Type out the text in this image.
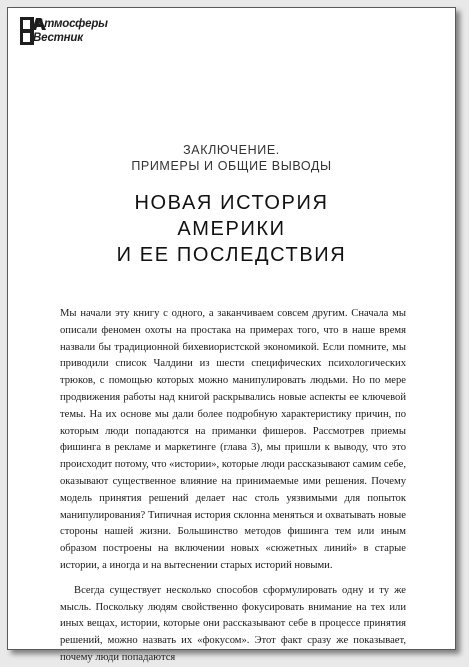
Атмосферы
Вестник

ЗАКЛЮЧЕНИЕ.
ПРИМЕРЫ И ОБЩИЕ ВЫВОДЫ

НОВАЯ ИСТОРИЯ
АМЕРИКИ
И ЕЕ ПОСЛЕДСТВИЯ

Мы начали эту книгу с одного, а заканчиваем совсем другим. Сначала мы описали феномен охоты на простака на примерах того, что в наше время назвали бы традиционной бихевиористской экономикой. Если помните, мы приводили список Чалдини из шести специфических психологических трюков, с помощью которых можно манипулировать людьми. Но по мере продвижения работы над книгой раскрывались новые аспекты ее ключевой темы. На их основе мы дали более подробную характеристику причин, по которым люди попадаются на приманки фишеров. Рассмотрев приемы фишинга в рекламе и маркетинге (глава 3), мы пришли к выводу, что это происходит потому, что «истории», которые люди рассказывают самим себе, оказывают существенное влияние на принимаемые ими решения. Почему модель принятия решений делает нас столь уязвимыми для попыток манипулирования? Типичная история склонна меняться и охватывать новые стороны нашей жизни. Большинство методов фишинга тем или иным образом построены на включении новых «сюжетных линий» в старые истории, а иногда и на вытеснении старых историй новыми.

Всегда существует несколько способов сформулировать одну и ту же мысль. Поскольку людям свойственно фокусировать внимание на тех или иных вещах, истории, которые они рассказывают себе в процессе принятия решений, можно назвать их «фокусом». Этот факт сразу же показывает, почему люди попадаются
